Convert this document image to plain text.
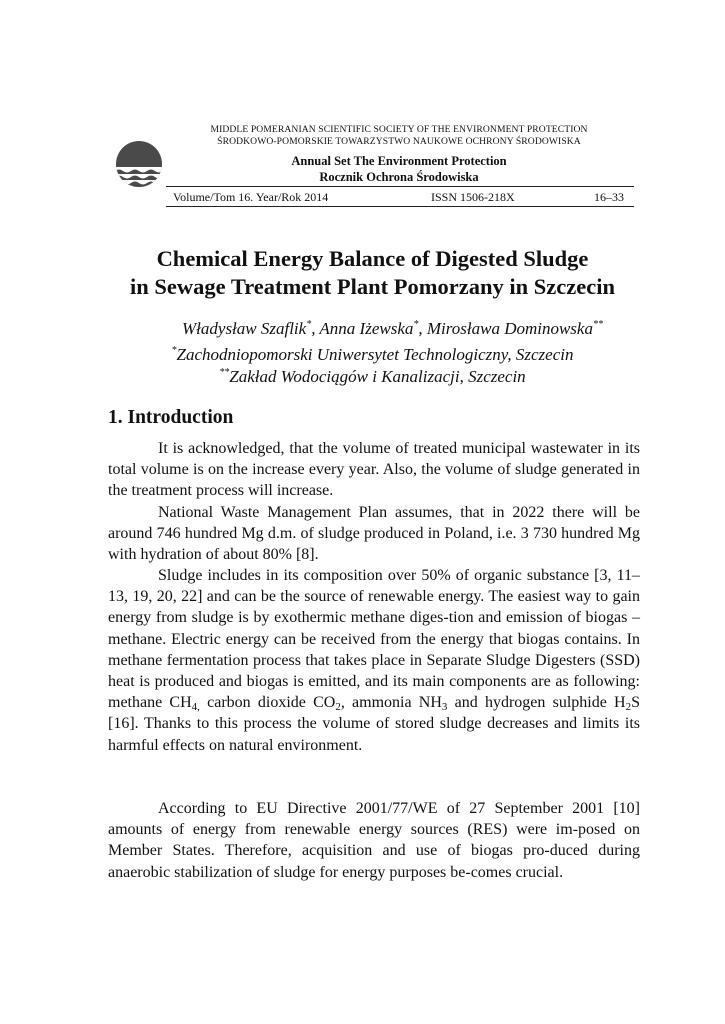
MIDDLE POMERANIAN SCIENTIFIC SOCIETY OF THE ENVIRONMENT PROTECTION
ŚRODKOWO-POMORSKIE TOWARZYSTWO NAUKOWE OCHRONY ŚRODOWISKA
Annual Set The Environment Protection
Rocznik Ochrona Środowiska
Volume/Tom 16. Year/Rok 2014	ISSN 1506-218X	16–33
Chemical Energy Balance of Digested Sludge
in Sewage Treatment Plant Pomorzany in Szczecin
Władysław Szaflik*, Anna Iżewska*, Mirosława Dominowska**
*Zachodniopomorski Uniwersytet Technologiczny, Szczecin
**Zakład Wodociągów i Kanalizacji, Szczecin
1. Introduction

It is acknowledged, that the volume of treated municipal wastewater in its total volume is on the increase every year. Also, the volume of sludge generated in the treatment process will increase.

National Waste Management Plan assumes, that in 2022 there will be around 746 hundred Mg d.m. of sludge produced in Poland, i.e. 3 730 hundred Mg with hydration of about 80% [8].

Sludge includes in its composition over 50% of organic substance [3, 11–13, 19, 20, 22] and can be the source of renewable energy. The easiest way to gain energy from sludge is by exothermic methane diges-tion and emission of biogas – methane. Electric energy can be received from the energy that biogas contains. In methane fermentation process that takes place in Separate Sludge Digesters (SSD) heat is produced and biogas is emitted, and its main components are as following: methane $CH_{4,}$ carbon dioxide $CO_2$, ammonia $NH_3$ and hydrogen sulphide $H_2S$ [16]. Thanks to this process the volume of stored sludge decreases and limits its harmful effects on natural environment.

According to EU Directive 2001/77/WE of 27 September 2001 [10] amounts of energy from renewable energy sources (RES) were im-posed on Member States. Therefore, acquisition and use of biogas pro-duced during anaerobic stabilization of sludge for energy purposes be-comes crucial.
